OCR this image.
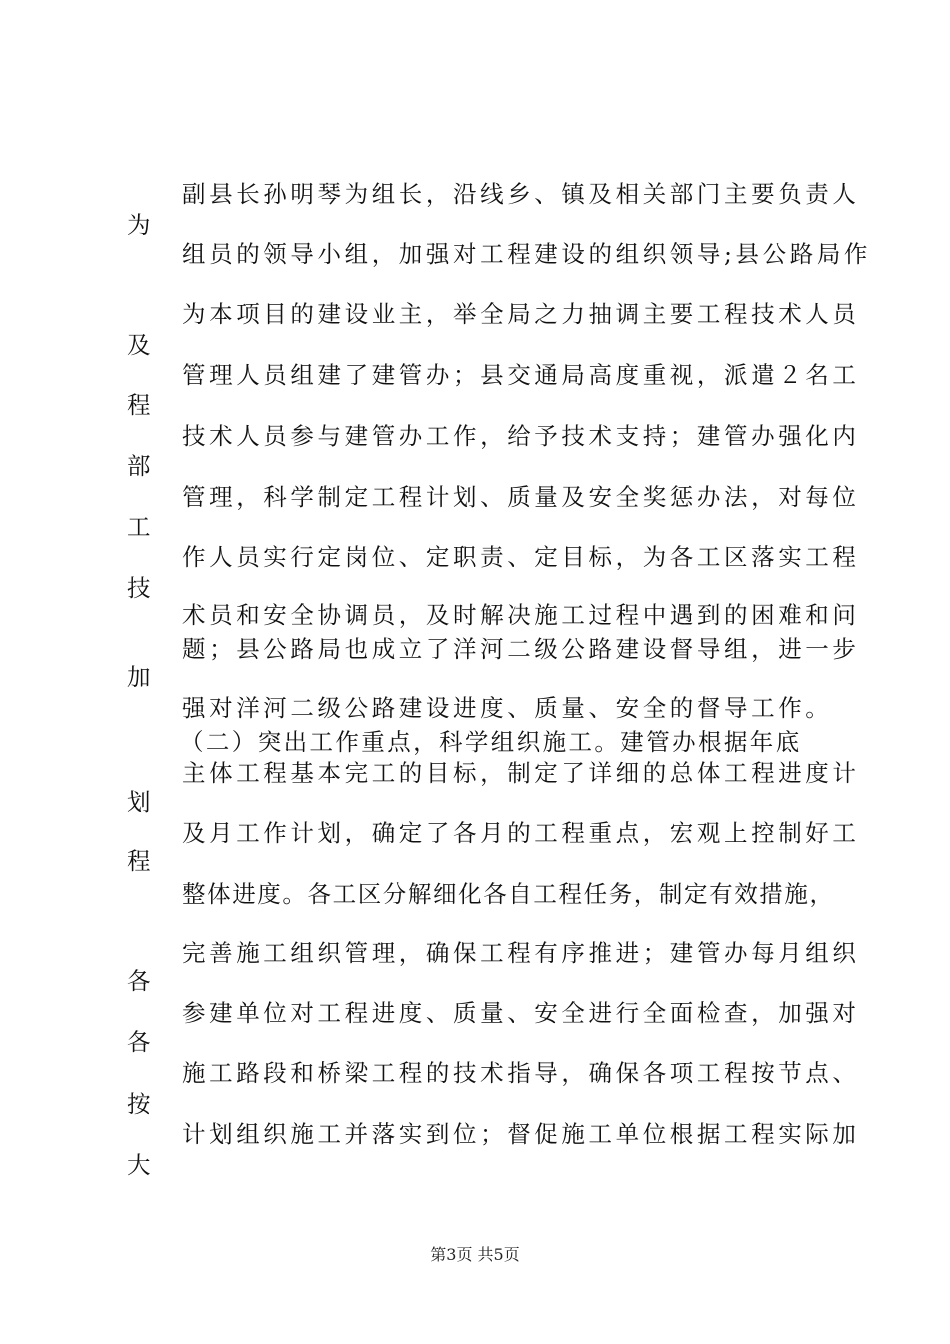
副县长孙明琴为组长，沿线乡、镇及相关部门主要负责人
组员的领导小组，加强对工程建设的组织领导;县公路局作
为本项目的建设业主，举全局之力抽调主要工程技术人员
管理人员组建了建管办；县交通局高度重视，派遣２名工
技术人员参与建管办工作，给予技术支持；建管办强化内
管理，科学制定工程计划、质量及安全奖惩办法，对每位
作人员实行定岗位、定职责、定目标，为各工区落实工程
术员和安全协调员，及时解决施工过程中遇到的困难和问
题；县公路局也成立了洋河二级公路建设督导组，进一步
强对洋河二级公路建设进度、质量、安全的督导工作。
（二）突出工作重点，科学组织施工。建管办根据年底
主体工程基本完工的目标，制定了详细的总体工程进度计
及月工作计划，确定了各月的工程重点，宏观上控制好工
整体进度。各工区分解细化各自工程任务，制定有效措施，
完善施工组织管理，确保工程有序推进；建管办每月组织
参建单位对工程进度、质量、安全进行全面检查，加强对
施工路段和桥梁工程的技术指导，确保各项工程按节点、
计划组织施工并落实到位；督促施工单位根据工程实际加
为
及
程
部
工
技
加
划
程
各
各
按
大
第3页 共5页
